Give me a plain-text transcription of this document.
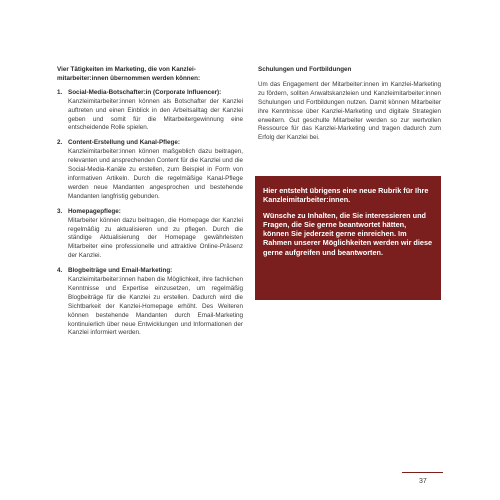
Vier Tätigkeiten im Marketing, die von Kanzlei-mitarbeiter:innen übernommen werden können:
1. Social-Media-Botschafter:in (Corporate Influencer):
Kanzleimitarbeiter:innen können als Botschafter der Kanzlei auftreten und einen Einblick in den Arbeitsalltag der Kanzlei geben und somit für die Mitarbeitergewinnung eine entscheidende Rolle spielen.
2. Content-Erstellung und Kanal-Pflege:
Kanzleimitarbeiter:innen können maßgeblich dazu beitragen, relevanten und ansprechenden Content für die Kanzlei und die Social-Media-Kanäle zu erstellen, zum Beispiel in Form von informativen Artikeln. Durch die regelmäßige Kanal-Pflege werden neue Mandanten angesprochen und bestehende Mandanten langfristig gebunden.
3. Homepagepflege:
Mitarbeiter können dazu beitragen, die Homepage der Kanzlei regelmäßig zu aktualisieren und zu pflegen. Durch die ständige Aktualisierung der Homepage gewährleisten Mitarbeiter eine professionelle und attraktive Online-Präsenz der Kanzlei.
4. Blogbeiträge und Email-Marketing:
Kanzleimitarbeiter:innen haben die Möglichkeit, ihre fachlichen Kenntnisse und Expertise einzusetzen, um regelmäßig Blogbeiträge für die Kanzlei zu erstellen. Dadurch wird die Sichtbarkeit der Kanzlei-Homepage erhöht. Des Weiteren können bestehende Mandanten durch Email-Marketing kontinuierlich über neue Entwicklungen und Informationen der Kanzlei informiert werden.
Schulungen und Fortbildungen

Um das Engagement der Mitarbeiter:innen im Kanzlei-Marketing zu fördern, sollten Anwaltskanzleien und Kanzleimitarbeiter:innen Schulungen und Fortbildungen nutzen. Damit können Mitarbeiter ihre Kenntnisse über Kanzlei-Marketing und digitale Strategien erweitern. Gut geschulte Mitarbeiter werden so zur wertvollen Ressource für das Kanzlei-Marketing und tragen dadurch zum Erfolg der Kanzlei bei.

Hier entsteht übrigens eine neue Rubrik für Ihre Kanzleimitarbeiter:innen.

Wünsche zu Inhalten, die Sie interessieren und Fragen, die Sie gerne beantwortet hätten, können Sie jederzeit gerne einreichen. Im Rahmen unserer Möglichkeiten werden wir diese gerne aufgreifen und beantworten.

37
